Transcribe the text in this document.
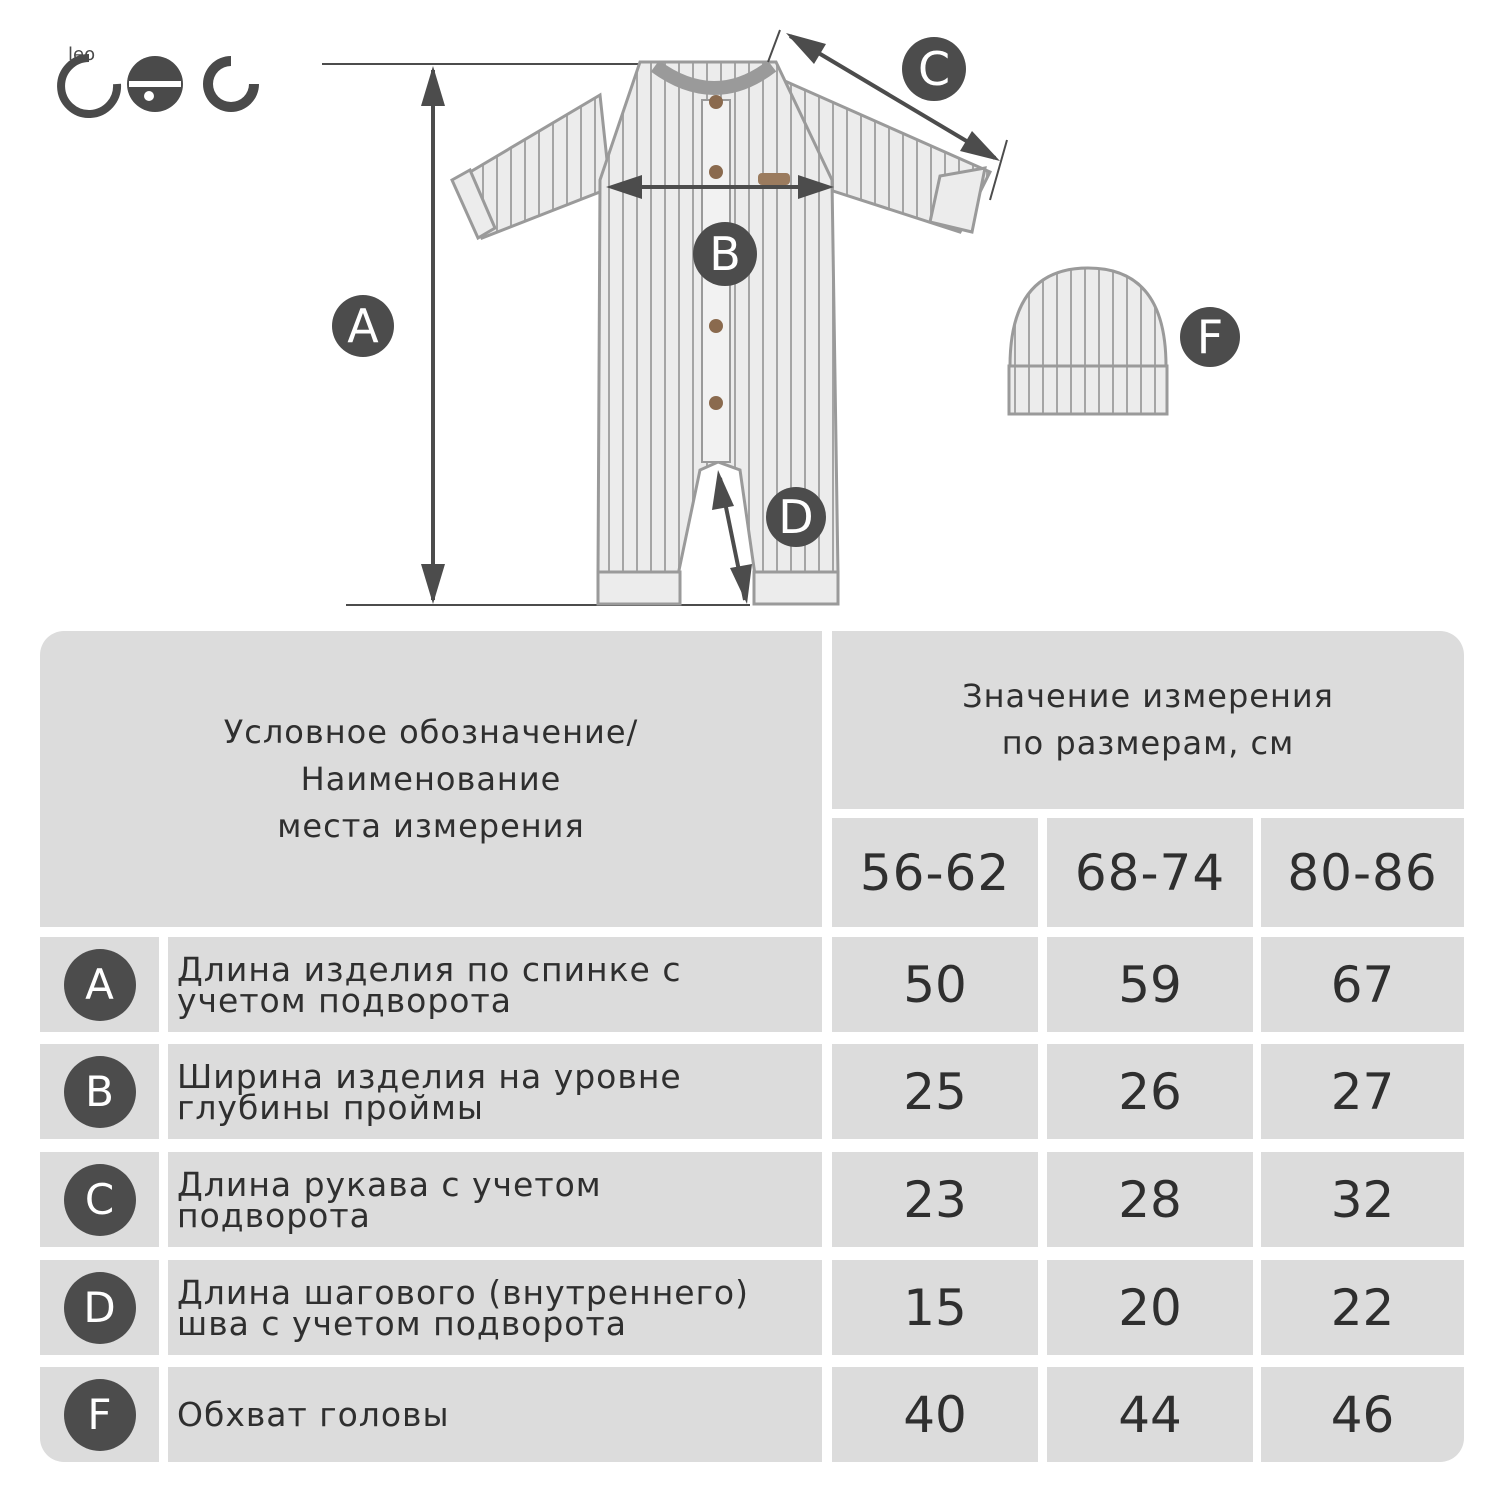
leo
A
B
C
D
F
Условное обозначение/
Наименование
места измерения
Значение измерения
по размерам, см
56-62	68-74	80-86
A	Длина изделия по спинке с
учетом подворота	50	59	67
B	Ширина изделия на уровне
глубины проймы	25	26	27
C	Длина рукава с учетом
подворота	23	28	32
D	Длина шагового (внутреннего)
шва с учетом подворота	15	20	22
F	Обхват головы	40	44	46
